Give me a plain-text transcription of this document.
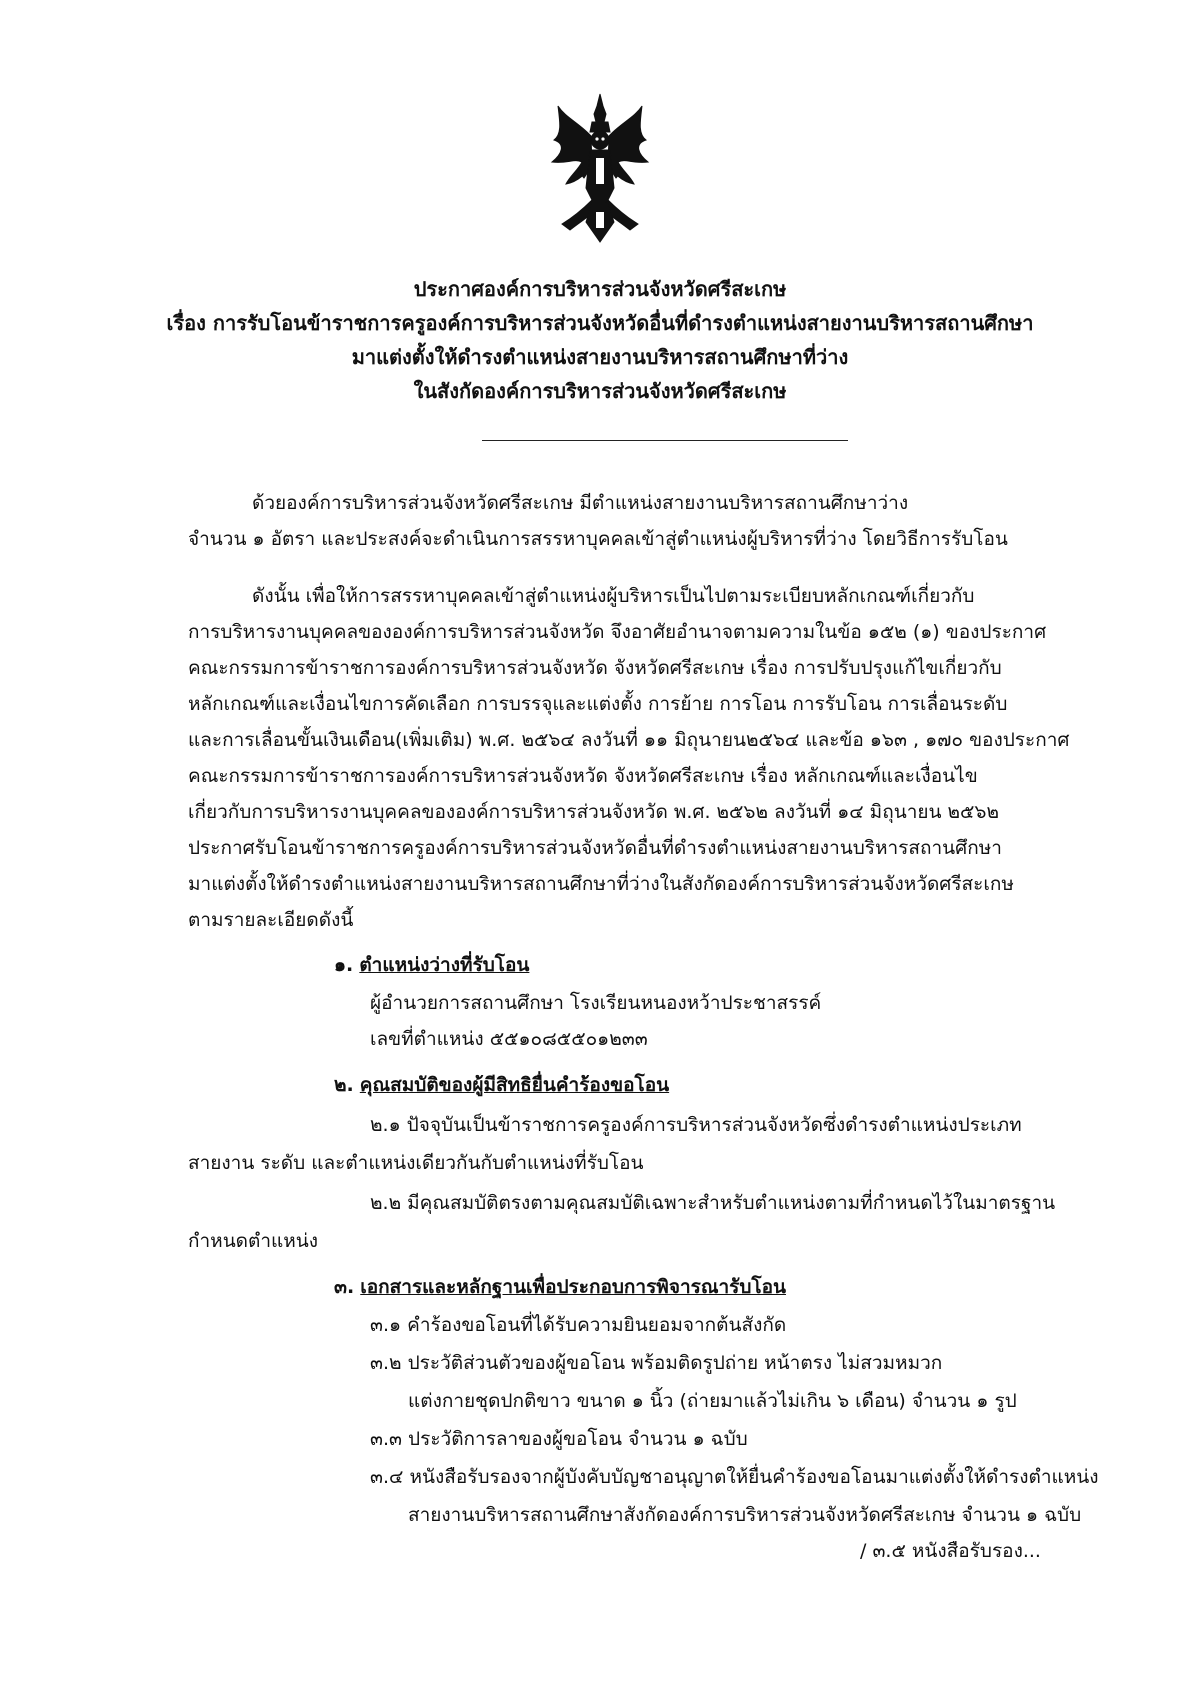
ประกาศองค์การบริหารส่วนจังหวัดศรีสะเกษ
เรื่อง การรับโอนข้าราชการครูองค์การบริหารส่วนจังหวัดอื่นที่ดำรงตำแหน่งสายงานบริหารสถานศึกษา
มาแต่งตั้งให้ดำรงตำแหน่งสายงานบริหารสถานศึกษาที่ว่าง
ในสังกัดองค์การบริหารส่วนจังหวัดศรีสะเกษ
ด้วยองค์การบริหารส่วนจังหวัดศรีสะเกษ มีตำแหน่งสายงานบริหารสถานศึกษาว่าง
จำนวน ๑ อัตรา และประสงค์จะดำเนินการสรรหาบุคคลเข้าสู่ตำแหน่งผู้บริหารที่ว่าง โดยวิธีการรับโอน
ดังนั้น เพื่อให้การสรรหาบุคคลเข้าสู่ตำแหน่งผู้บริหารเป็นไปตามระเบียบหลักเกณฑ์เกี่ยวกับ
การบริหารงานบุคคลขององค์การบริหารส่วนจังหวัด จึงอาศัยอำนาจตามความในข้อ ๑๕๒ (๑) ของประกาศ
คณะกรรมการข้าราชการองค์การบริหารส่วนจังหวัด จังหวัดศรีสะเกษ เรื่อง การปรับปรุงแก้ไขเกี่ยวกับ
หลักเกณฑ์และเงื่อนไขการคัดเลือก การบรรจุและแต่งตั้ง การย้าย การโอน การรับโอน การเลื่อนระดับ
และการเลื่อนขั้นเงินเดือน(เพิ่มเติม) พ.ศ. ๒๕๖๔ ลงวันที่ ๑๑ มิถุนายน๒๕๖๔ และข้อ ๑๖๓ , ๑๗๐ ของประกาศ
คณะกรรมการข้าราชการองค์การบริหารส่วนจังหวัด จังหวัดศรีสะเกษ เรื่อง หลักเกณฑ์และเงื่อนไข
เกี่ยวกับการบริหารงานบุคคลขององค์การบริหารส่วนจังหวัด พ.ศ. ๒๕๖๒ ลงวันที่ ๑๔ มิถุนายน ๒๕๖๒
ประกาศรับโอนข้าราชการครูองค์การบริหารส่วนจังหวัดอื่นที่ดำรงตำแหน่งสายงานบริหารสถานศึกษา
มาแต่งตั้งให้ดำรงตำแหน่งสายงานบริหารสถานศึกษาที่ว่างในสังกัดองค์การบริหารส่วนจังหวัดศรีสะเกษ
ตามรายละเอียดดังนี้
๑. ตำแหน่งว่างที่รับโอน
ผู้อำนวยการสถานศึกษา โรงเรียนหนองหว้าประชาสรรค์
เลขที่ตำแหน่ง ๕๕๑๐๘๕๕๐๑๒๓๓
๒. คุณสมบัติของผู้มีสิทธิยื่นคำร้องขอโอน
๒.๑ ปัจจุบันเป็นข้าราชการครูองค์การบริหารส่วนจังหวัดซึ่งดำรงตำแหน่งประเภท
สายงาน ระดับ และตำแหน่งเดียวกันกับตำแหน่งที่รับโอน
๒.๒ มีคุณสมบัติตรงตามคุณสมบัติเฉพาะสำหรับตำแหน่งตามที่กำหนดไว้ในมาตรฐาน
กำหนดตำแหน่ง
๓. เอกสารและหลักฐานเพื่อประกอบการพิจารณารับโอน
๓.๑ คำร้องขอโอนที่ได้รับความยินยอมจากต้นสังกัด
๓.๒ ประวัติส่วนตัวของผู้ขอโอน พร้อมติดรูปถ่าย หน้าตรง ไม่สวมหมวก
แต่งกายชุดปกติขาว ขนาด ๑ นิ้ว (ถ่ายมาแล้วไม่เกิน ๖ เดือน) จำนวน ๑ รูป
๓.๓ ประวัติการลาของผู้ขอโอน จำนวน ๑ ฉบับ
๓.๔ หนังสือรับรองจากผู้บังคับบัญชาอนุญาตให้ยื่นคำร้องขอโอนมาแต่งตั้งให้ดำรงตำแหน่ง
สายงานบริหารสถานศึกษาสังกัดองค์การบริหารส่วนจังหวัดศรีสะเกษ จำนวน ๑ ฉบับ
/ ๓.๕ หนังสือรับรอง...
